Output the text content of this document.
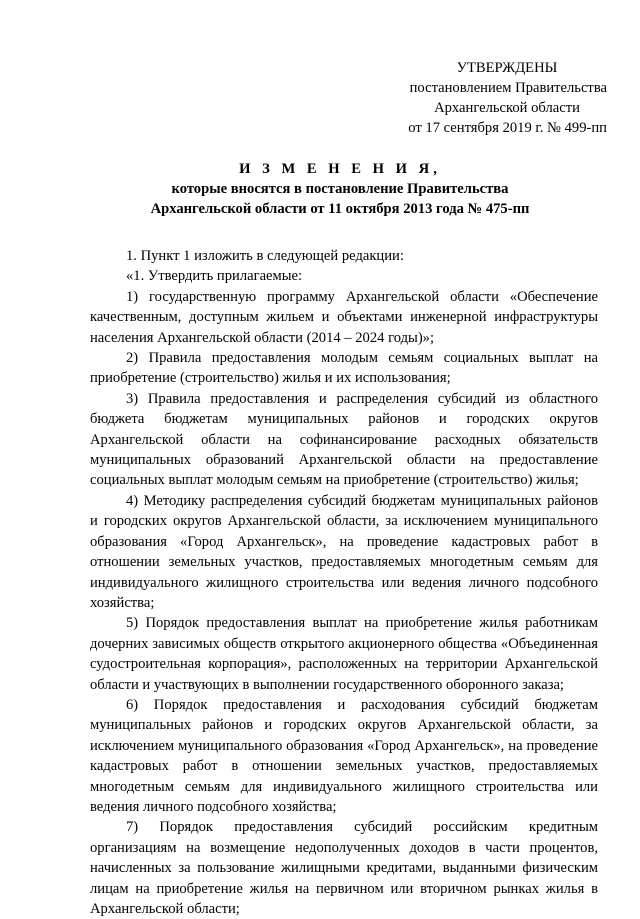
УТВЕРЖДЕНЫ
постановлением Правительства
Архангельской области
от 17 сентября 2019 г. № 499-пп
И З М Е Н Е Н И Я,
которые вносятся в постановление Правительства
Архангельской области от 11 октября 2013 года № 475-пп

1. Пункт 1 изложить в следующей редакции:

«1. Утвердить прилагаемые:

1) государственную программу Архангельской области «Обеспечение качественным, доступным жильем и объектами инженерной инфраструктуры населения Архангельской области (2014 – 2024 годы)»;

2) Правила предоставления молодым семьям социальных выплат на приобретение (строительство) жилья и их использования;

3) Правила предоставления и распределения субсидий из областного бюджета бюджетам муниципальных районов и городских округов Архангельской области на софинансирование расходных обязательств муниципальных образований Архангельской области на предоставление социальных выплат молодым семьям на приобретение (строительство) жилья;

4) Методику распределения субсидий бюджетам муниципальных районов и городских округов Архангельской области, за исключением муниципального образования «Город Архангельск», на проведение кадастровых работ в отношении земельных участков, предоставляемых многодетным семьям для индивидуального жилищного строительства или ведения личного подсобного хозяйства;

5) Порядок предоставления выплат на приобретение жилья работникам дочерних зависимых обществ открытого акционерного общества «Объединенная судостроительная корпорация», расположенных на территории Архангельской области и участвующих в выполнении государственного оборонного заказа;

6) Порядок предоставления и расходования субсидий бюджетам муниципальных районов и городских округов Архангельской области, за исключением муниципального образования «Город Архангельск», на проведение кадастровых работ в отношении земельных участков, предоставляемых многодетным семьям для индивидуального жилищного строительства или ведения личного подсобного хозяйства;

7) Порядок предоставления субсидий российским кредитным организациям на возмещение недополученных доходов в части процентов, начисленных за пользование жилищными кредитами, выданными физическим лицам на приобретение жилья на первичном или вторичном рынках жилья в Архангельской области;
